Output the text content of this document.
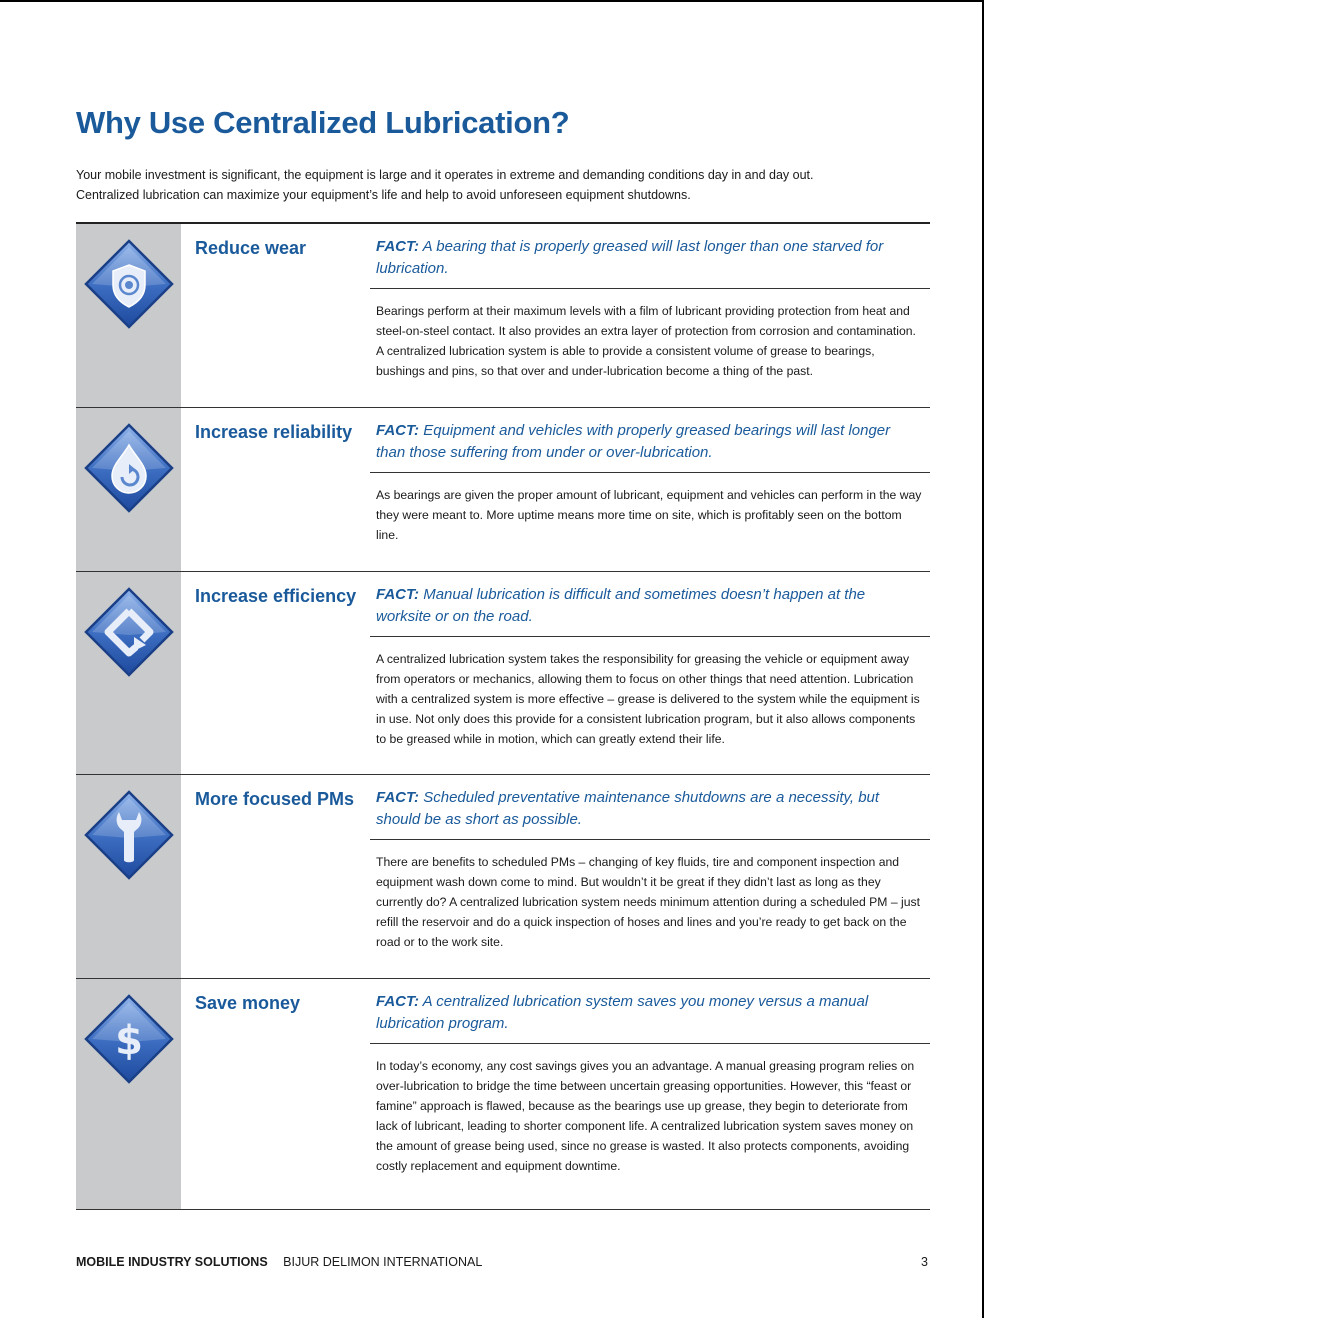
Why Use Centralized Lubrication?
Your mobile investment is significant, the equipment is large and it operates in extreme and demanding conditions day in and day out.
Centralized lubrication can maximize your equipment’s life and help to avoid unforeseen equipment shutdowns.
Reduce wear	FACT: A bearing that is properly greased will last longer than one starved for lubrication.
Bearings perform at their maximum levels with a film of lubricant providing protection from heat and steel-on-steel contact. It also provides an extra layer of protection from corrosion and contamination. A centralized lubrication system is able to provide a consistent volume of grease to bearings, bushings and pins, so that over and under-lubrication become a thing of the past.
Increase reliability	FACT: Equipment and vehicles with properly greased bearings will last longer than those suffering from under or over-lubrication.
As bearings are given the proper amount of lubricant, equipment and vehicles can perform in the way they were meant to. More uptime means more time on site, which is profitably seen on the bottom line.
Increase efficiency	FACT: Manual lubrication is difficult and sometimes doesn’t happen at the worksite or on the road.
A centralized lubrication system takes the responsibility for greasing the vehicle or equipment away from operators or mechanics, allowing them to focus on other things that need attention. Lubrication with a centralized system is more effective – grease is delivered to the system while the equipment is in use. Not only does this provide for a consistent lubrication program, but it also allows components to be greased while in motion, which can greatly extend their life.
More focused PMs	FACT: Scheduled preventative maintenance shutdowns are a necessity, but should be as short as possible.
There are benefits to scheduled PMs – changing of key fluids, tire and component inspection and equipment wash down come to mind. But wouldn’t it be great if they didn’t last as long as they currently do? A centralized lubrication system needs minimum attention during a scheduled PM – just refill the reservoir and do a quick inspection of hoses and lines and you’re ready to get back on the road or to the work site.
$
Save money	FACT: A centralized lubrication system saves you money versus a manual lubrication program.
In today’s economy, any cost savings gives you an advantage. A manual greasing program relies on over-lubrication to bridge the time between uncertain greasing opportunities. However, this “feast or famine” approach is flawed, because as the bearings use up grease, they begin to deteriorate from lack of lubricant, leading to shorter component life. A centralized lubrication system saves money on the amount of grease being used, since no grease is wasted. It also protects components, avoiding costly replacement and equipment downtime.
MOBILE INDUSTRY SOLUTIONS BIJUR DELIMON INTERNATIONAL	3
